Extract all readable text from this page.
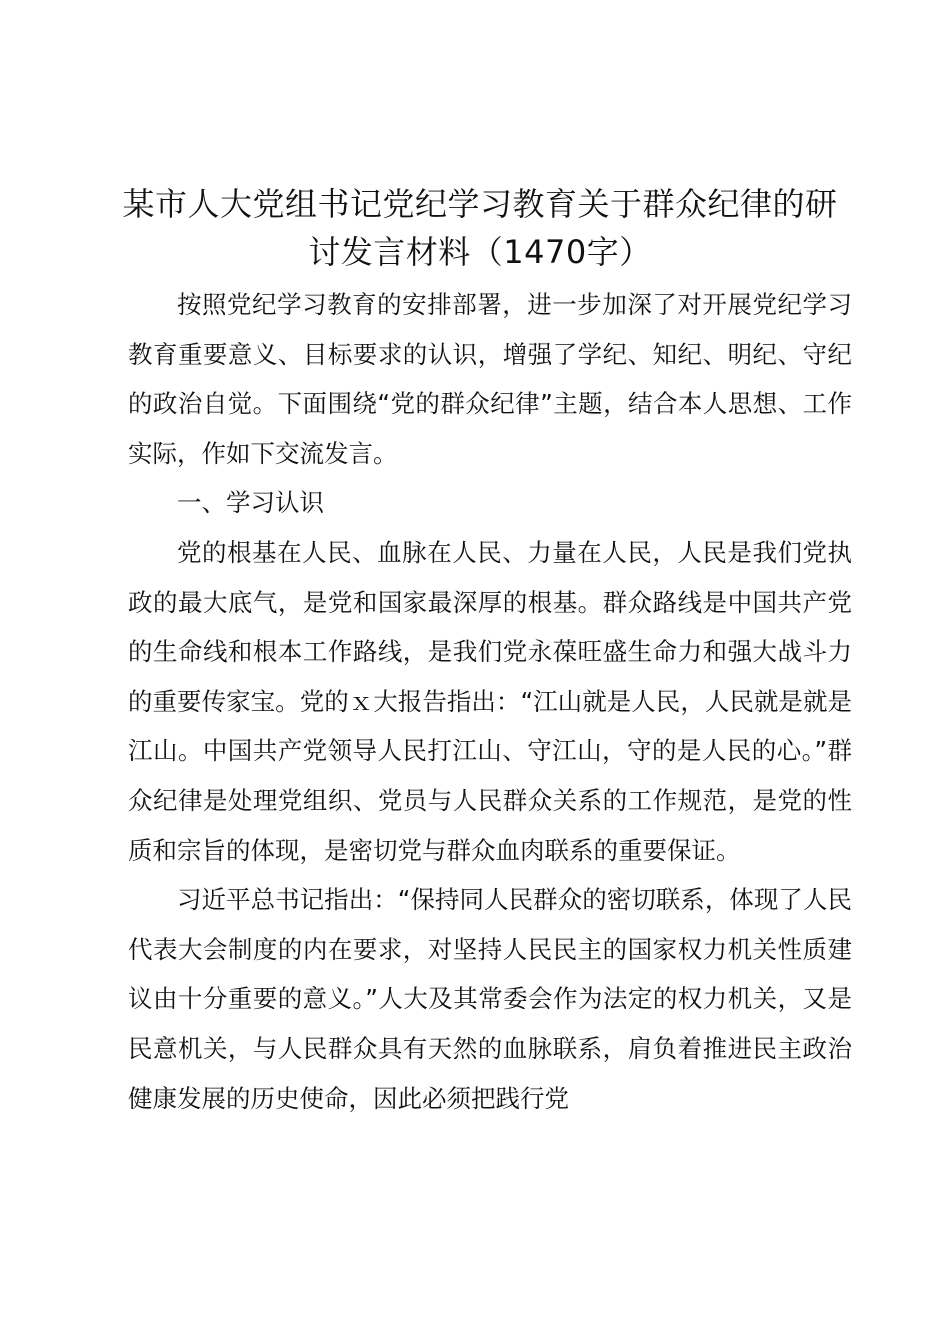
某市人大党组书记党纪学习教育关于群众纪律的研讨发言材料（1470字）

按照党纪学习教育的安排部署，进一步加深了对开展党纪学习教育重要意义、目标要求的认识，增强了学纪、知纪、明纪、守纪的政治自觉。下面围绕“党的群众纪律”主题，结合本人思想、工作实际，作如下交流发言。

一、学习认识

党的根基在人民、血脉在人民、力量在人民，人民是我们党执政的最大底气，是党和国家最深厚的根基。群众路线是中国共产党的生命线和根本工作路线，是我们党永葆旺盛生命力和强大战斗力的重要传家宝。党的ｘ大报告指出：“江山就是人民，人民就是就是江山。中国共产党领导人民打江山、守江山，守的是人民的心。”群众纪律是处理党组织、党员与人民群众关系的工作规范，是党的性质和宗旨的体现，是密切党与群众血肉联系的重要保证。

习近平总书记指出：“保持同人民群众的密切联系，体现了人民代表大会制度的内在要求，对坚持人民民主的国家权力机关性质建议由十分重要的意义。”人大及其常委会作为法定的权力机关，又是民意机关，与人民群众具有天然的血脉联系，肩负着推进民主政治健康发展的历史使命，因此必须把践行党
